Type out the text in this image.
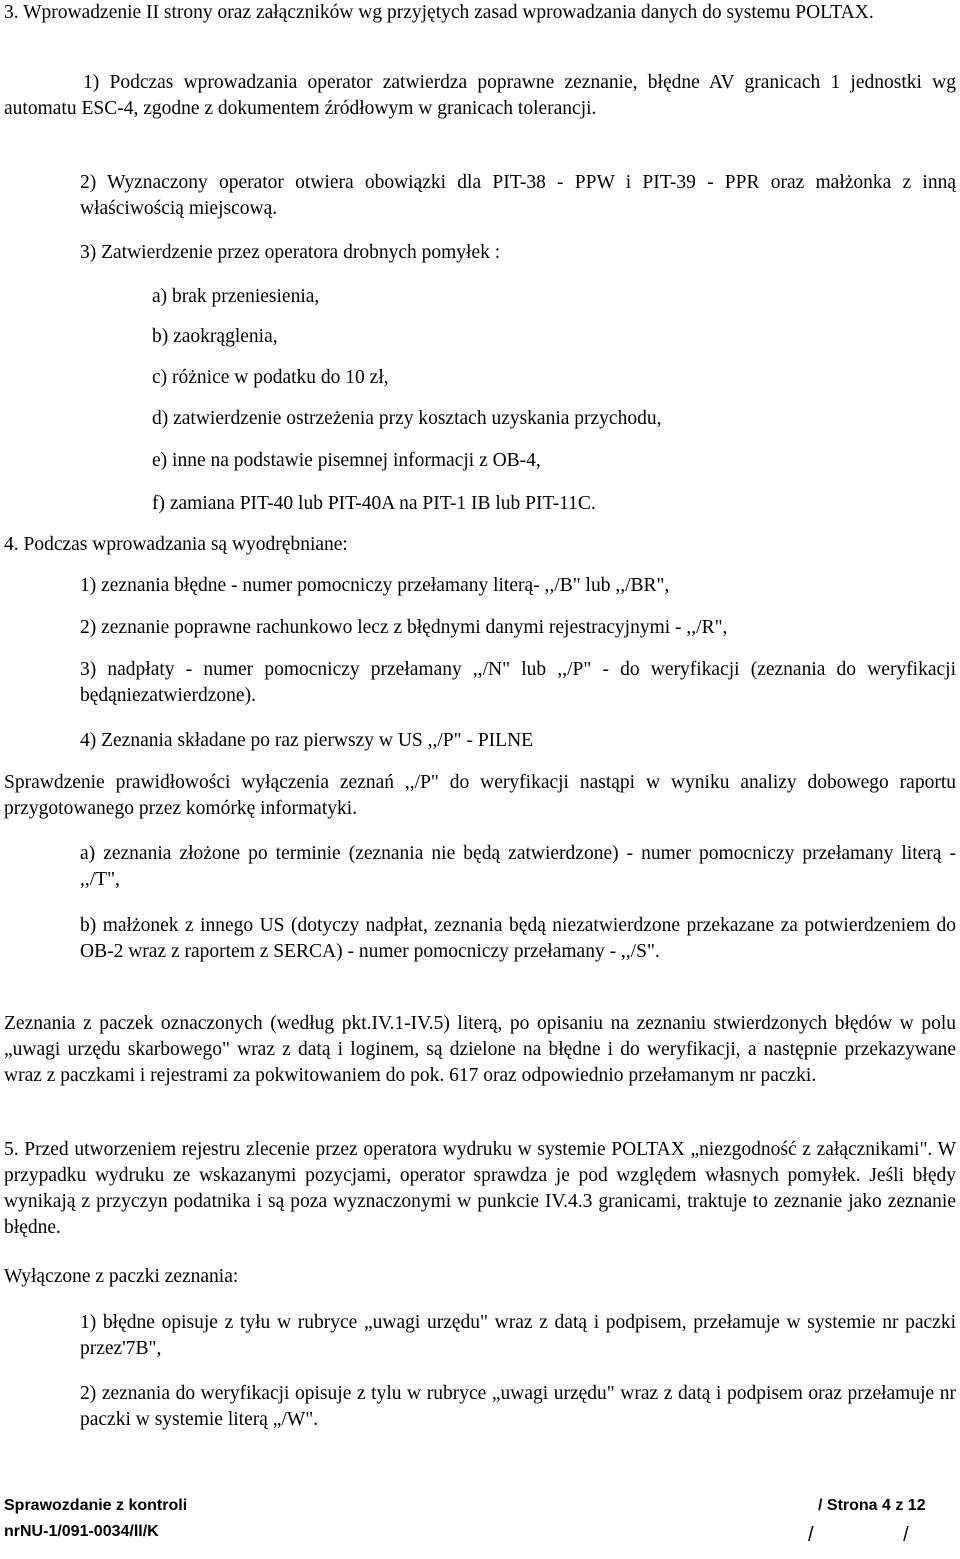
3. Wprowadzenie II strony oraz załączników wg przyjętych zasad wprowadzania danych do systemu POLTAX.

1) Podczas wprowadzania operator zatwierdza poprawne zeznanie, błędne AV granicach 1 jednostki wg automatu ESC-4, zgodne z dokumentem źródłowym w granicach tolerancji.

2) Wyznaczony operator otwiera obowiązki dla PIT-38 - PPW i PIT-39 - PPR oraz małżonka z inną właściwością miejscową.

3) Zatwierdzenie przez operatora drobnych pomyłek :

a) brak przeniesienia,

b) zaokrąglenia,

c) różnice w podatku do 10 zł,

d) zatwierdzenie ostrzeżenia przy kosztach uzyskania przychodu,

e) inne na podstawie pisemnej informacji z OB-4,

f) zamiana PIT-40 lub PIT-40A na PIT-1 IB lub PIT-11C.

4. Podczas wprowadzania są wyodrębniane:

1) zeznania błędne - numer pomocniczy przełamany literą- ,,/B" lub ,,/BR",

2) zeznanie poprawne rachunkowo lecz z błędnymi danymi rejestracyjnymi - ,,/R",

3) nadpłaty - numer pomocniczy przełamany ,,/N" lub ,,/P" - do weryfikacji (zeznania do weryfikacji będąniezatwierdzone).

4) Zeznania składane po raz pierwszy w US ,,/P" - PILNE

Sprawdzenie prawidłowości wyłączenia zeznań ,,/P" do weryfikacji nastąpi w wyniku analizy dobowego raportu przygotowanego przez komórkę informatyki.

a) zeznania złożone po terminie (zeznania nie będą zatwierdzone) - numer pomocniczy przełamany literą - ,,/T",

b) małżonek z innego US (dotyczy nadpłat, zeznania będą niezatwierdzone przekazane za potwierdzeniem do OB-2 wraz z raportem z SERCA) - numer pomocniczy przełamany - ,,/S".

Zeznania z paczek oznaczonych (według pkt.IV.1-IV.5) literą, po opisaniu na zeznaniu stwierdzonych błędów w polu „uwagi urzędu skarbowego" wraz z datą i loginem, są dzielone na błędne i do weryfikacji, a następnie przekazywane wraz z paczkami i rejestrami za pokwitowaniem do pok. 617 oraz odpowiednio przełamanym nr paczki.

5. Przed utworzeniem rejestru zlecenie przez operatora wydruku w systemie POLTAX „niezgodność z załącznikami". W przypadku wydruku ze wskazanymi pozycjami, operator sprawdza je pod względem własnych pomyłek. Jeśli błędy wynikają z przyczyn podatnika i są poza wyznaczonymi w punkcie IV.4.3 granicami, traktuje to zeznanie jako zeznanie błędne.

Wyłączone z paczki zeznania:

1) błędne opisuje z tyłu w rubryce „uwagi urzędu" wraz z datą i podpisem, przełamuje w systemie nr paczki przez'7B",

2) zeznania do weryfikacji opisuje z tylu w rubryce „uwagi urzędu" wraz z datą i podpisem oraz przełamuje nr paczki w systemie literą „/W".

Sprawozdanie z kontroli
nrNU-1/091-0034/ll/K
/ Strona 4 z 12
/ /
